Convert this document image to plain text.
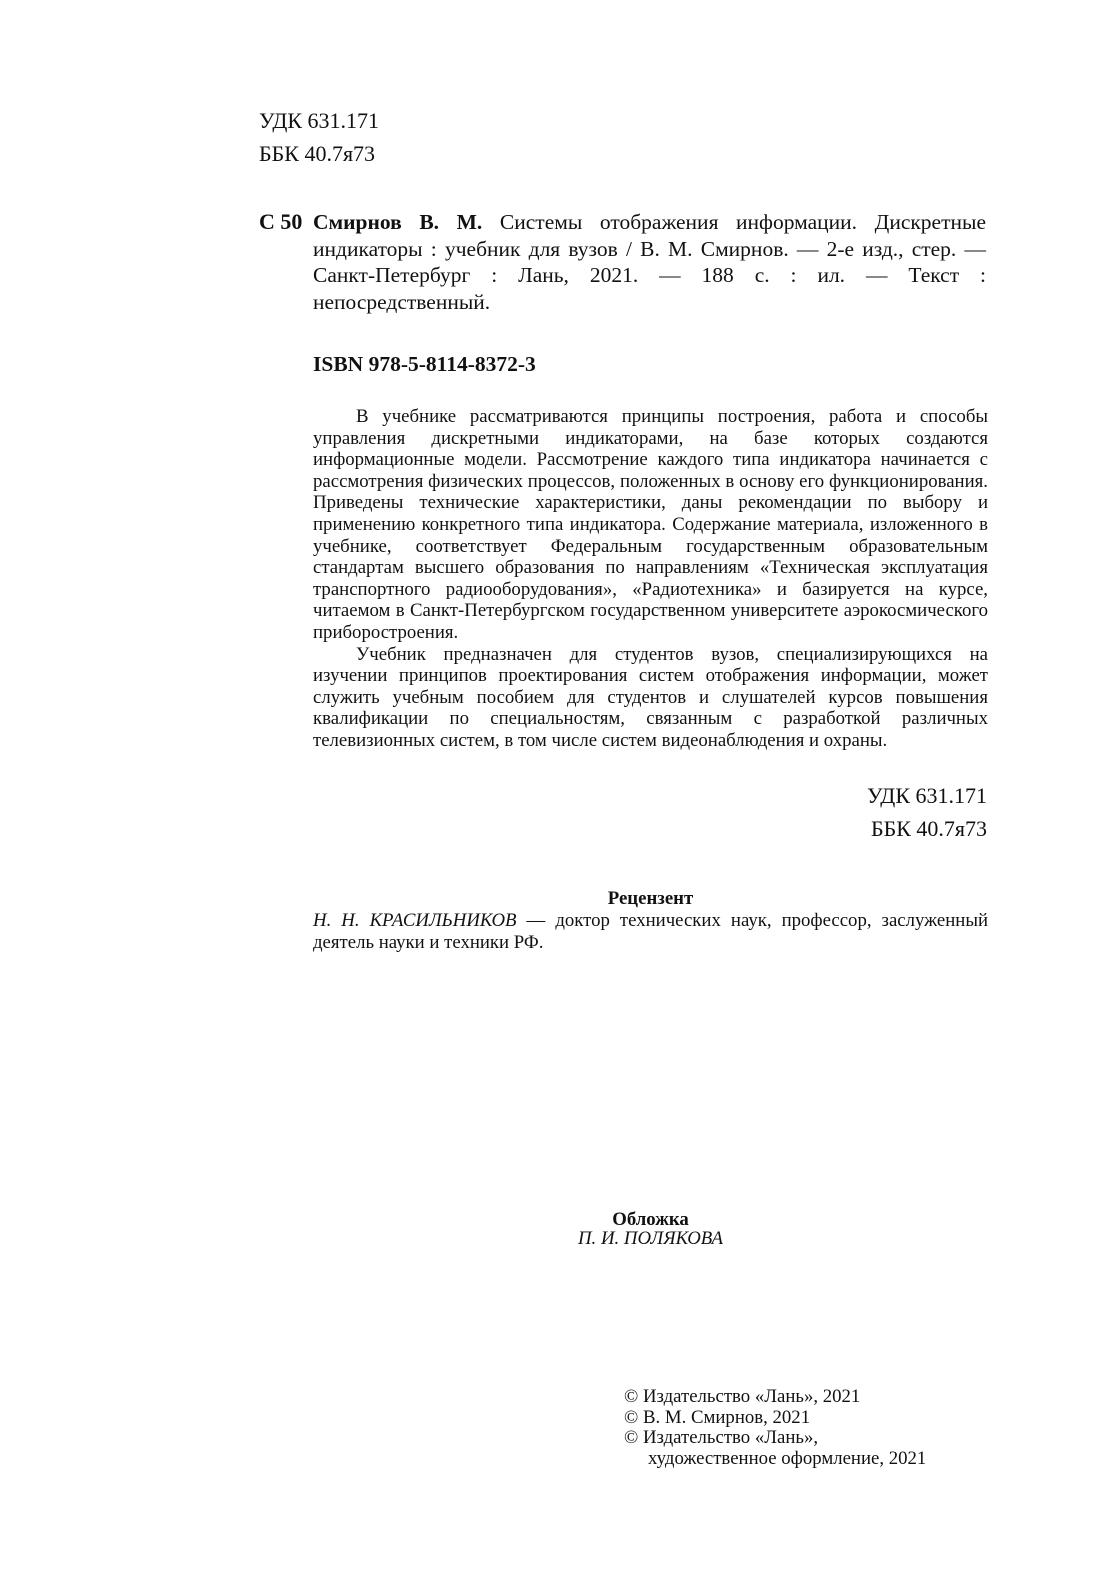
УДК 631.171
ББК 40.7я73
С 50 Смирнов В. М. Системы отображения информации. Дискретные индикаторы : учебник для вузов / В. М. Смирнов. — 2-е изд., стер. — Санкт-Петербург : Лань, 2021. — 188 с. : ил. — Текст : непосредственный.
ISBN 978-5-8114-8372-3

В учебнике рассматриваются принципы построения, работа и способы управления дискретными индикаторами, на базе которых создаются информационные модели. Рассмотрение каждого типа индикатора начинается с рассмотрения физических процессов, положенных в основу его функционирования. Приведены технические характеристики, даны рекомендации по выбору и применению конкретного типа индикатора. Содержание материала, изложенного в учебнике, соответствует Федеральным государственным образовательным стандартам высшего образования по направлениям «Техническая эксплуатация транспортного радиооборудования», «Радиотехника» и базируется на курсе, читаемом в Санкт-Петербургском государственном университете аэрокосмического приборостроения.

Учебник предназначен для студентов вузов, специализирующихся на изучении принципов проектирования систем отображения информации, может служить учебным пособием для студентов и слушателей курсов повышения квалификации по специальностям, связанным с разработкой различных телевизионных систем, в том числе систем видеонаблюдения и охраны.

УДК 631.171
ББК 40.7я73
Рецензент
Н. Н. КРАСИЛЬНИКОВ — доктор технических наук, профессор, заслуженный деятель науки и техники РФ.
Обложка
П. И. ПОЛЯКОВА
© Издательство «Лань», 2021
© В. М. Смирнов, 2021
© Издательство «Лань»,
художественное оформление, 2021
